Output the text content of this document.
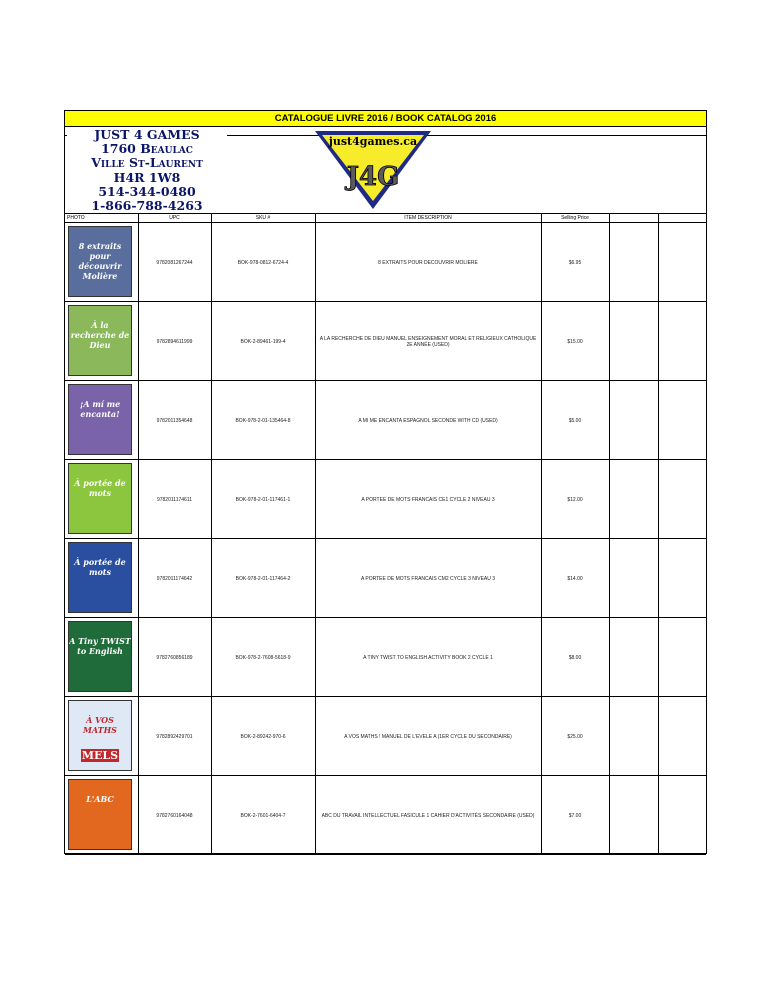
CATALOGUE LIVRE 2016 / BOOK CATALOG 2016
JUST 4 GAMES
1760 Beaulac
Ville St-Laurent
H4R 1W8
514-344-0480
1-866-788-4263
just4games.ca
J4G
PHOTO	UPC	SKU #	ITEM DESCRIPTION	Selling Price
8 extraits pour découvrir Molière
9782081267244	BOK-978-0812-6724-4	8 EXTRAITS POUR DECOUVRIR MOLIERE	$6.95
À la recherche de Dieu	9782894611999	BOK-2-89461-199-4	A LA RECHERCHE DE DIEU MANUEL ENSEIGNEMENT MORAL ET RELIGIEUX CATHOLIQUE 2E ANNÉE (USED)	$15.00
¡A mí me encanta!
9782011354648	BOK-978-2-01-135464-8	A MI ME ENCANTA ESPAGNOL SECONDE WITH CD (USED)	$5.00
À portée de mots
9782011174611	BOK-978-2-01-117461-1	A PORTEE DE MOTS FRANCAIS CE1 CYCLE 2 NIVEAU 3	$12.00
À portée de mots
9782011174642	BOK-978-2-01-117464-2	A PORTEE DE MOTS FRANCAIS CM2 CYCLE 3 NIVEAU 3	$14.00
A Tiny TWIST to English
9782760856189	BOK-978-2-7608-5618-9	A TINY TWIST TO ENGLISH ACTIVITY BOOK 2 CYCLE 1	$8.00
À VOS MATHS
MELS
9782892429701	BOK-2-89242-970-6	A VOS MATHS ! MANUEL DE L'EVELE A (1ER CYCLE DU SECONDAIRE)	$25.00
L'ABC
9782760164048	BOK-2-7601-6404-7	ABC DU TRAVAIL INTELLECTUEL FASICULE 1 CAHIER D'ACTIVITÉS SECONDAIRE (USED)	$7.00
